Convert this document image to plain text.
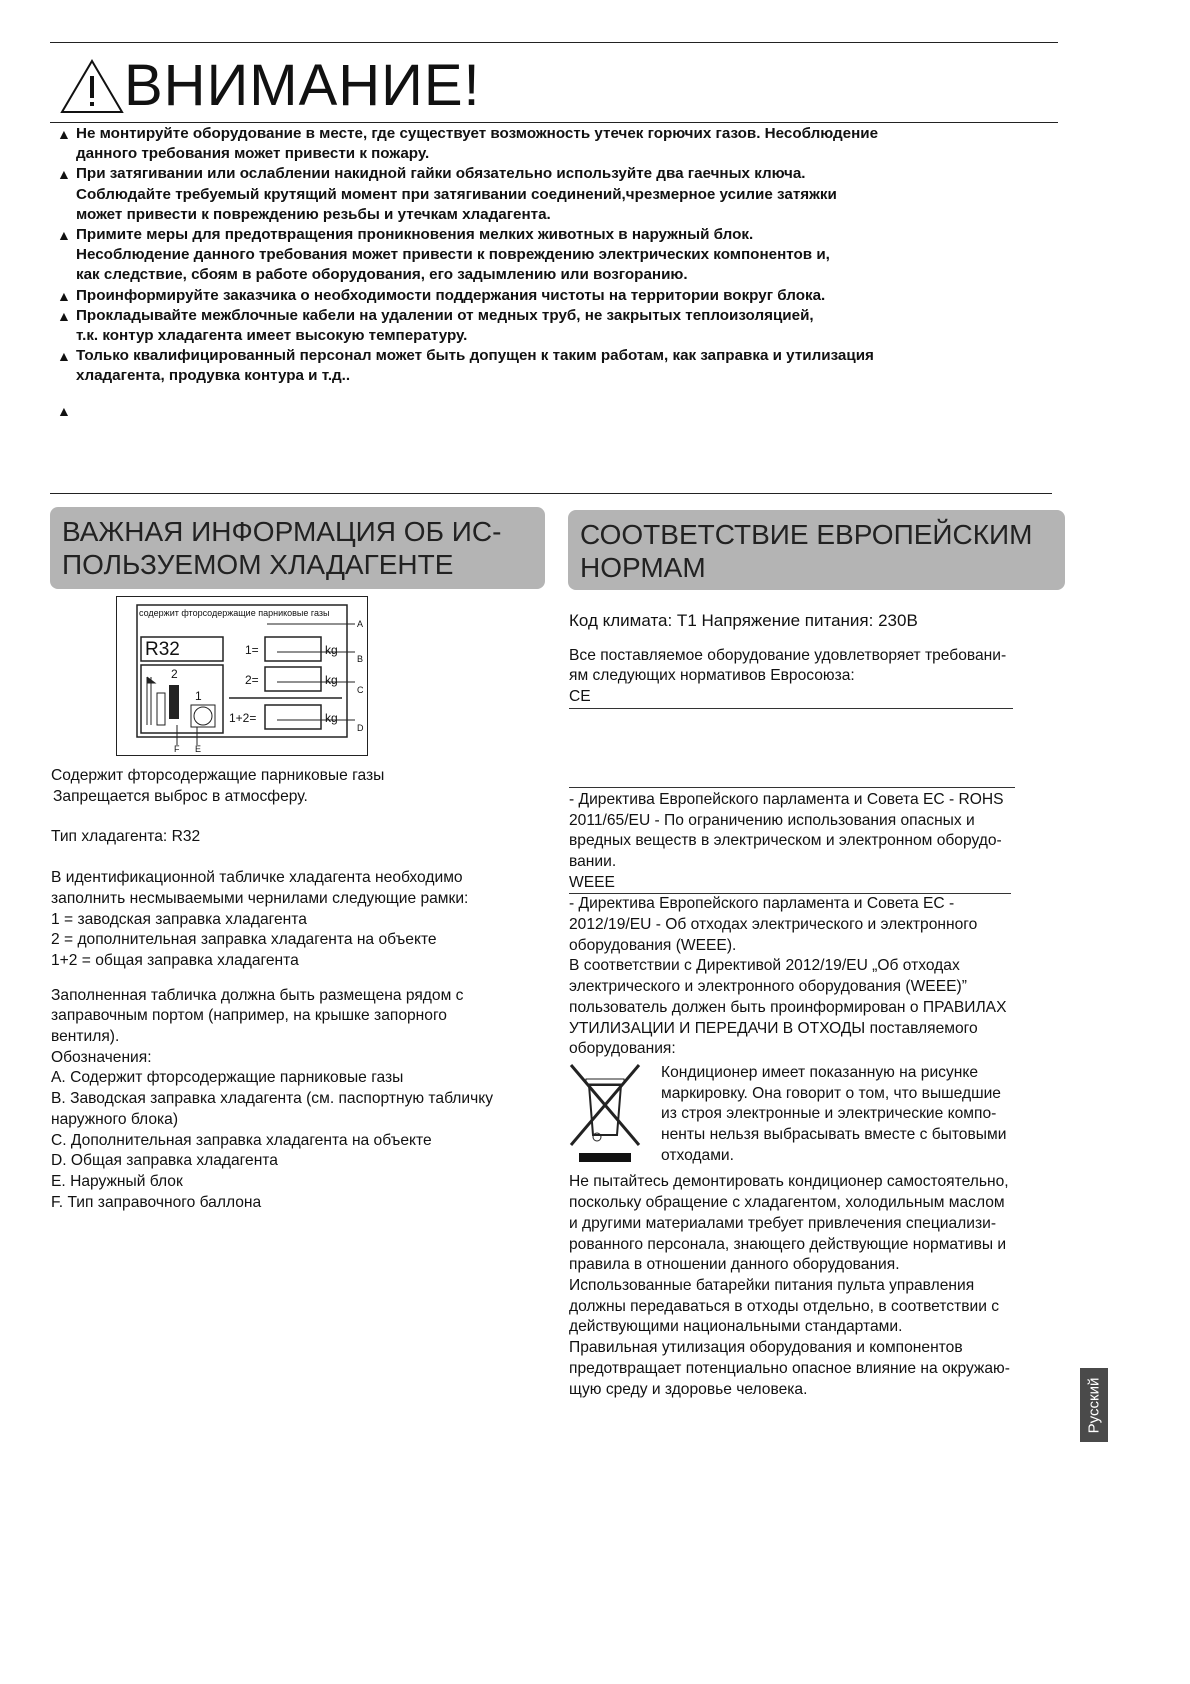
ВНИМАНИЕ!
▲ Не монтируйте оборудование в месте, где существует возможность утечек горючих газов. Несоблюдение
данного требования может привести к пожару.
▲ При затягивании или ослаблении накидной гайки обязательно используйте два гаечных ключа.
Соблюдайте требуемый крутящий момент при затягивании соединений,чрезмерное усилие затяжки
может привести к повреждению резьбы и утечкам хладагента.
▲ Примите меры для предотвращения проникновения мелких животных в наружный блок.
Несоблюдение данного требования может привести к повреждению электрических компонентов и,
как следствие, сбоям в работе оборудования, его задымлению или возгоранию.
▲ Проинформируйте заказчика о необходимости поддержания чистоты на территории вокруг блока.
▲ Прокладывайте межблочные кабели на удалении от медных труб, не закрытых теплоизоляцией,
т.к. контур хладагента имеет высокую температуру.
▲ Только квалифицированный персонал может быть допущен к таким работам, как заправка и утилизация
хладагента, продувка контура и т.д..
▲
ВАЖНАЯ ИНФОРМАЦИЯ ОБ ИС-
ПОЛЬЗУЕМОМ ХЛАДАГЕНТЕ
СООТВЕТСТВИЕ ЕВРОПЕЙСКИМ
НОРМАМ
содержит фторсодержащие парниковые газы
R32	1=
2=
1+2=
kg
kg
kg
2
1
A
B
C
D
E
F

Содержит фторсодержащие парниковые газы

Запрещается выброс в атмосферу.

Тип хладагента: R32

В идентификационной табличке хладагента необходимо

заполнить несмываемыми чернилами следующие рамки:

1 = заводская заправка хладагента

2 = дополнительная заправка хладагента на объекте

1+2 = общая заправка хладагента

Заполненная табличка должна быть размещена рядом с

заправочным портом (например, на крышке запорного

вентиля).

Обозначения:

A. Содержит фторсодержащие парниковые газы

B. Заводская заправка хладагента (см. паспортную табличку

наружного блока)

C. Дополнительная заправка хладагента на объекте

D. Общая заправка хладагента

E. Наружный блок

F. Тип заправочного баллона

Код климата: T1 Напряжение питания: 230В

Все поставляемое оборудование удовлетворяет требовани-

ям следующих нормативов Евросоюза:

CE

- Директива Европейского парламента и Совета ЕС - ROHS

2011/65/EU - По ограничению использования опасных и

вредных веществ в электрическом и электронном оборудо-

вании.

WEEE

- Директива Европейского парламента и Совета ЕС -

2012/19/EU - Об отходах электрического и электронного

оборудования (WEEE).

В соответствии с Директивой 2012/19/EU „Об отходах

электрического и электронного оборудования (WEEE)”

пользователь должен быть проинформирован о ПРАВИЛАХ

УТИЛИЗАЦИИ И ПЕРЕДАЧИ В ОТХОДЫ поставляемого

оборудования:

Кондиционер имеет показанную на рисунке

маркировку. Она говорит о том, что вышедшие

из строя электронные и электрические компо-

ненты нельзя выбрасывать вместе с бытовыми

отходами.

Не пытайтесь демонтировать кондиционер самостоятельно,

поскольку обращение с хладагентом, холодильным маслом

и другими материалами требует привлечения специализи-

рованного персонала, знающего действующие нормативы и

правила в отношении данного оборудования.

Использованные батарейки питания пульта управления

должны передаваться в отходы отдельно, в соответствии с

действующими национальными стандартами.

Правильная утилизация оборудования и компонентов

предотвращает потенциально опасное влияние на окружаю-

щую среду и здоровье человека.	Русский
